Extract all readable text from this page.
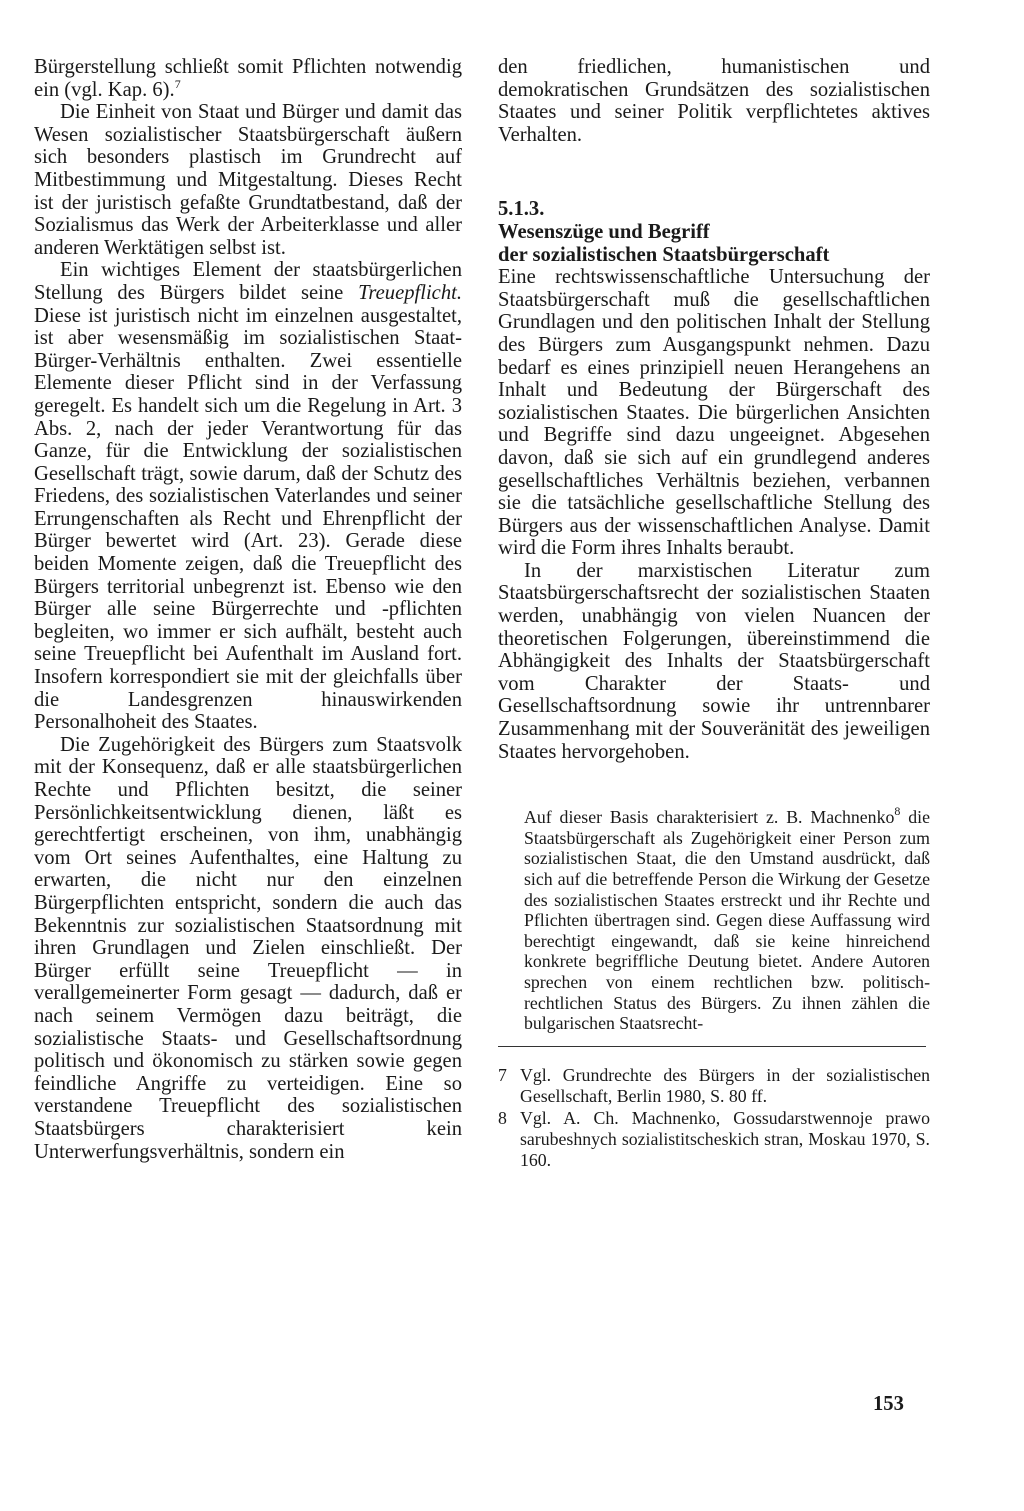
Bürgerstellung schließt somit Pflichten notwendig ein (vgl. Kap. 6).$^7$

Die Einheit von Staat und Bürger und damit das Wesen sozialistischer Staatsbürgerschaft äußern sich besonders plastisch im Grundrecht auf Mitbestimmung und Mitgestaltung. Dieses Recht ist der juristisch gefaßte Grundtatbestand, daß der Sozialismus das Werk der Arbeiterklasse und aller anderen Werktätigen selbst ist.

Ein wichtiges Element der staatsbürgerlichen Stellung des Bürgers bildet seine Treuepflicht. Diese ist juristisch nicht im einzelnen ausgestaltet, ist aber wesensmäßig im sozialistischen Staat-Bürger-Verhältnis enthalten. Zwei essentielle Elemente dieser Pflicht sind in der Verfassung geregelt. Es handelt sich um die Regelung in Art. 3 Abs. 2, nach der jeder Verantwortung für das Ganze, für die Entwicklung der sozialistischen Gesellschaft trägt, sowie darum, daß der Schutz des Friedens, des sozialistischen Vaterlandes und seiner Errungenschaften als Recht und Ehrenpflicht der Bürger bewertet wird (Art. 23). Gerade diese beiden Momente zeigen, daß die Treuepflicht des Bürgers territorial unbegrenzt ist. Ebenso wie den Bürger alle seine Bürgerrechte und -pflichten begleiten, wo immer er sich aufhält, besteht auch seine Treuepflicht bei Aufenthalt im Ausland fort. Insofern korrespondiert sie mit der gleichfalls über die Landesgrenzen hinauswirkenden Personalhoheit des Staates.

Die Zugehörigkeit des Bürgers zum Staatsvolk mit der Konsequenz, daß er alle staatsbürgerlichen Rechte und Pflichten besitzt, die seiner Persönlichkeitsentwicklung dienen, läßt es gerechtfertigt erscheinen, von ihm, unabhängig vom Ort seines Aufenthaltes, eine Haltung zu erwarten, die nicht nur den einzelnen Bürgerpflichten entspricht, sondern die auch das Bekenntnis zur sozialistischen Staatsordnung mit ihren Grundlagen und Zielen einschließt. Der Bürger erfüllt seine Treuepflicht — in verallgemeinerter Form gesagt — dadurch, daß er nach seinem Vermögen dazu beiträgt, die sozialistische Staats- und Gesellschaftsordnung politisch und ökonomisch zu stärken sowie gegen feindliche Angriffe zu verteidigen. Eine so verstandene Treuepflicht des sozialistischen Staatsbürgers charakterisiert kein Unterwerfungsverhältnis, sondern ein

den friedlichen, humanistischen und demokratischen Grundsätzen des sozialistischen Staates und seiner Politik verpflichtetes aktives Verhalten.

5.1.3.
Wesenszüge und Begriff
der sozialistischen Staatsbürgerschaft

Eine rechtswissenschaftliche Untersuchung der Staatsbürgerschaft muß die gesellschaftlichen Grundlagen und den politischen Inhalt der Stellung des Bürgers zum Ausgangspunkt nehmen. Dazu bedarf es eines prinzipiell neuen Herangehens an Inhalt und Bedeutung der Bürgerschaft des sozialistischen Staates. Die bürgerlichen Ansichten und Begriffe sind dazu ungeeignet. Abgesehen davon, daß sie sich auf ein grundlegend anderes gesellschaftliches Verhältnis beziehen, verbannen sie die tatsächliche gesellschaftliche Stellung des Bürgers aus der wissenschaftlichen Analyse. Damit wird die Form ihres Inhalts beraubt.

In der marxistischen Literatur zum Staatsbürgerschaftsrecht der sozialistischen Staaten werden, unabhängig von vielen Nuancen der theoretischen Folgerungen, übereinstimmend die Abhängigkeit des Inhalts der Staatsbürgerschaft vom Charakter der Staats- und Gesellschaftsordnung sowie ihr untrennbarer Zusammenhang mit der Souveränität des jeweiligen Staates hervorgehoben.

Auf dieser Basis charakterisiert z. B. Machnenko$^8$ die Staatsbürgerschaft als Zugehörigkeit einer Person zum sozialistischen Staat, die den Umstand ausdrückt, daß sich auf die betreffende Person die Wirkung der Gesetze des sozialistischen Staates erstreckt und ihr Rechte und Pflichten übertragen sind. Gegen diese Auffassung wird berechtigt eingewandt, daß sie keine hinreichend konkrete begriffliche Deutung bietet. Andere Autoren sprechen von einem rechtlichen bzw. politisch-rechtlichen Status des Bürgers. Zu ihnen zählen die bulgarischen Staatsrecht-

7 Vgl. Grundrechte des Bürgers in der sozialistischen Gesellschaft, Berlin 1980, S. 80 ff.
8 Vgl. A. Ch. Machnenko, Gossudarstwennoje prawo sarubeshnych sozialistitscheskich stran, Moskau 1970, S. 160.
153
